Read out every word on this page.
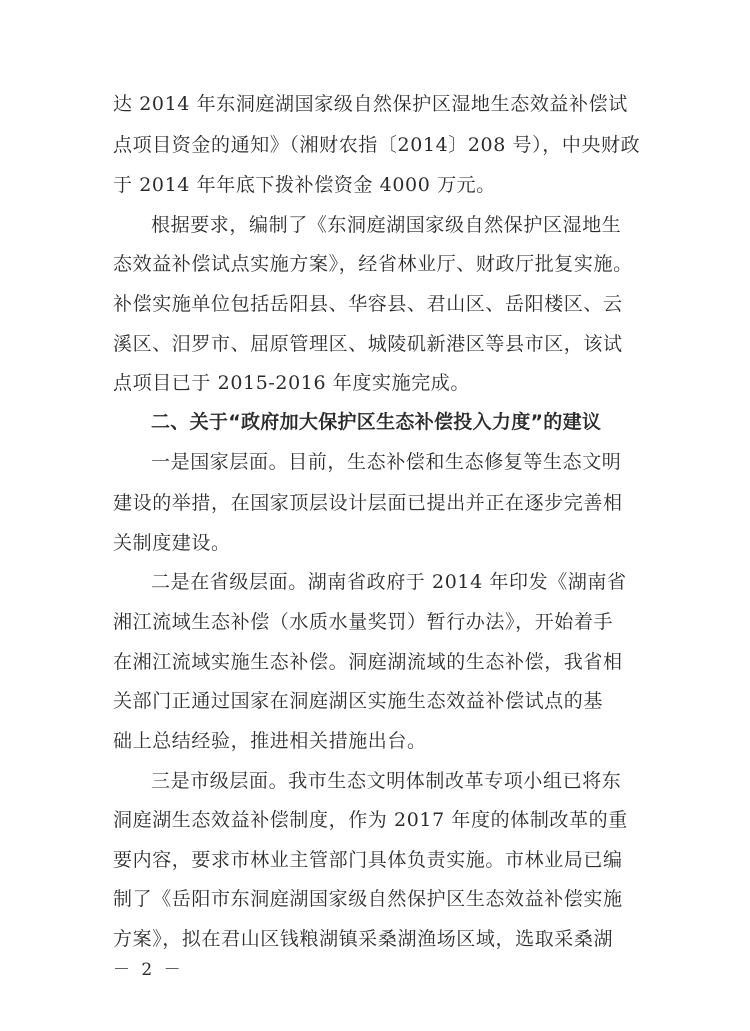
达 2014 年东洞庭湖国家级自然保护区湿地生态效益补偿试
点项目资金的通知》（湘财农指〔2014〕208 号），中央财政
于 2014 年年底下拨补偿资金 4000 万元。
根据要求，编制了《东洞庭湖国家级自然保护区湿地生
态效益补偿试点实施方案》，经省林业厅、财政厅批复实施。
补偿实施单位包括岳阳县、华容县、君山区、岳阳楼区、云
溪区、汨罗市、屈原管理区、城陵矶新港区等县市区，该试
点项目已于 2015-2016 年度实施完成。
二、关于“政府加大保护区生态补偿投入力度”的建议
一是国家层面。目前，生态补偿和生态修复等生态文明
建设的举措，在国家顶层设计层面已提出并正在逐步完善相
关制度建设。
二是在省级层面。湖南省政府于 2014 年印发《湖南省
湘江流域生态补偿（水质水量奖罚）暂行办法》，开始着手
在湘江流域实施生态补偿。洞庭湖流域的生态补偿，我省相
关部门正通过国家在洞庭湖区实施生态效益补偿试点的基
础上总结经验，推进相关措施出台。
三是市级层面。我市生态文明体制改革专项小组已将东
洞庭湖生态效益补偿制度，作为 2017 年度的体制改革的重
要内容，要求市林业主管部门具体负责实施。市林业局已编
制了《岳阳市东洞庭湖国家级自然保护区生态效益补偿实施
方案》，拟在君山区钱粮湖镇采桑湖渔场区域，选取采桑湖
－ 2 －
